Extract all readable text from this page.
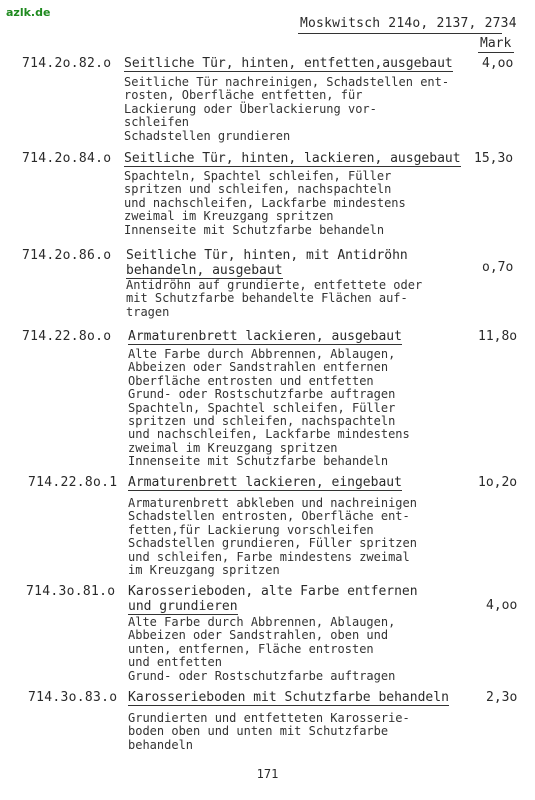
azlk.de
Moskwitsch 214o, 2137, 2734
Mark
714.2o.82.o Seitliche Tür, hinten, entfetten,ausgebaut 4,oo
Seitliche Tür nachreinigen, Schadstellen ent-
rosten, Oberfläche entfetten, für
Lackierung oder Überlackierung vor-
schleifen
Schadstellen grundieren
714.2o.84.o Seitliche Tür, hinten, lackieren, ausgebaut 15,3o
Spachteln, Spachtel schleifen, Füller
spritzen und schleifen, nachspachteln
und nachschleifen, Lackfarbe mindestens
zweimal im Kreuzgang spritzen
Innenseite mit Schutzfarbe behandeln
714.2o.86.o Seitliche Tür, hinten, mit Antidröhn
behandeln, ausgebaut	o,7o
Antidröhn auf grundierte, entfettete oder
mit Schutzfarbe behandelte Flächen auf-
tragen
714.22.8o.o Armaturenbrett lackieren, ausgebaut	11,8o
Alte Farbe durch Abbrennen, Ablaugen,
Abbeizen oder Sandstrahlen entfernen
Oberfläche entrosten und entfetten
Grund- oder Rostschutzfarbe auftragen
Spachteln, Spachtel schleifen, Füller
spritzen und schleifen, nachspachteln
und nachschleifen, Lackfarbe mindestens
zweimal im Kreuzgang spritzen
Innenseite mit Schutzfarbe behandeln
714.22.8o.1 Armaturenbrett lackieren, eingebaut	1o,2o
Armaturenbrett abkleben und nachreinigen
Schadstellen entrosten, Oberfläche ent-
fetten,für Lackierung vorschleifen
Schadstellen grundieren, Füller spritzen
und schleifen, Farbe mindestens zweimal
im Kreuzgang spritzen
714.3o.81.o Karosserieboden, alte Farbe entfernen
und grundieren	4,oo
Alte Farbe durch Abbrennen, Ablaugen,
Abbeizen oder Sandstrahlen, oben und
unten, entfernen, Fläche entrosten
und entfetten
Grund- oder Rostschutzfarbe auftragen
714.3o.83.o Karosserieboden mit Schutzfarbe behandeln	2,3o
Grundierten und entfetteten Karosserie-
boden oben und unten mit Schutzfarbe
behandeln
171
